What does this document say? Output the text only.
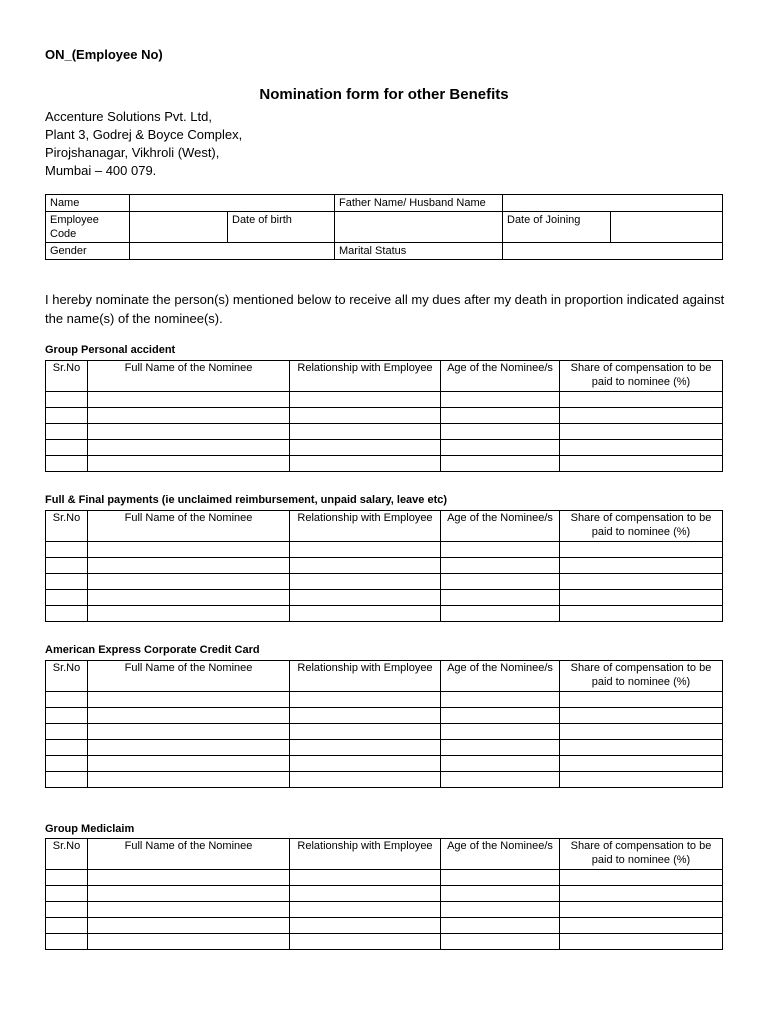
ON_(Employee No)
Nomination form for other Benefits
Accenture Solutions Pvt. Ltd,
Plant 3, Godrej & Boyce Complex,
Pirojshanagar, Vikhroli (West),
Mumbai – 400 079.
Name			Father Name/ Husband Name		
Employee Code		Date of birth		Date of Joining	
Gender			Marital Status		
I hereby nominate the person(s) mentioned below to receive all my dues after my death in proportion indicated against the name(s) of the nominee(s).
Group Personal accident
Sr.No	Full Name of the Nominee	Relationship with Employee	Age of the Nominee/s	Share of compensation to be paid to nominee (%)

Full & Final payments (ie unclaimed reimbursement, unpaid salary, leave etc)
Sr.No	Full Name of the Nominee	Relationship with Employee	Age of the Nominee/s	Share of compensation to be paid to nominee (%)

American Express Corporate Credit Card
Sr.No	Full Name of the Nominee	Relationship with Employee	Age of the Nominee/s	Share of compensation to be paid to nominee (%)

Group Mediclaim
Sr.No	Full Name of the Nominee	Relationship with Employee	Age of the Nominee/s	Share of compensation to be paid to nominee (%)
